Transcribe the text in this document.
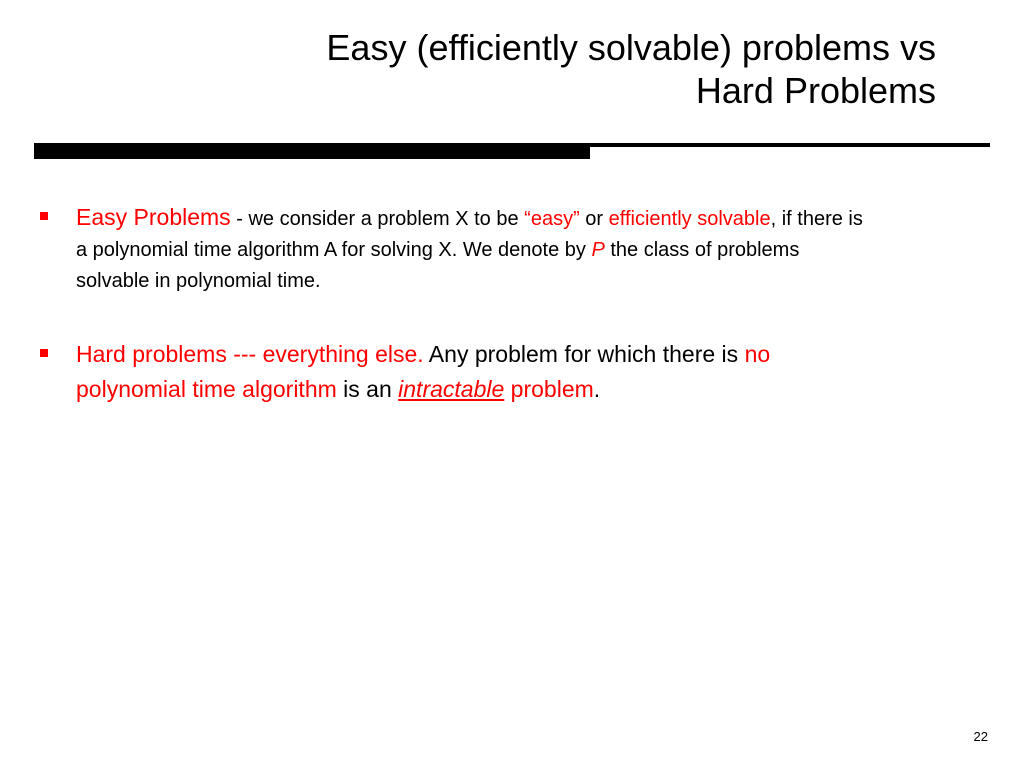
Easy (efficiently solvable) problems vs
Hard Problems
Easy Problems - we consider a problem X to be “easy” or efficiently solvable, if there is a polynomial time algorithm A for solving X. We denote by P the class of problems solvable in polynomial time.
Hard problems --- everything else. Any problem for which there is no polynomial time algorithm is an intractable problem.
22
